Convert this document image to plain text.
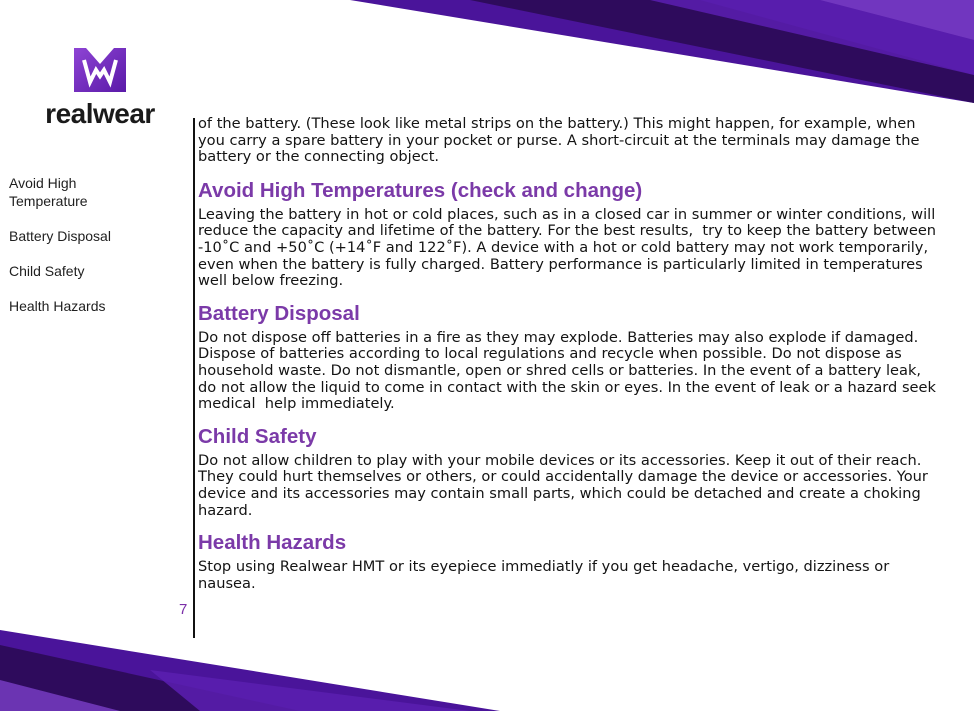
realwear
Avoid High Temperature
Battery Disposal
Child Safety
Health Hazards
7

of the battery. (These look like metal strips on the battery.) This might happen, for example, when you carry a spare battery in your pocket or purse. A short-circuit at the terminals may damage the battery or the connecting object.

Avoid High Temperatures (check and change)

Leaving the battery in hot or cold places, such as in a closed car in summer or winter conditions, will reduce the capacity and lifetime of the battery. For the best results,  try to keep the battery between -10˚C and +50˚C (+14˚F and 122˚F). A device with a hot or cold battery may not work temporarily, even when the battery is fully charged. Battery performance is particularly limited in temperatures well below freezing.

Battery Disposal

Do not dispose off batteries in a fire as they may explode. Batteries may also explode if damaged. Dispose of batteries according to local regulations and recycle when possible. Do not dispose as household waste. Do not dismantle, open or shred cells or batteries. In the event of a battery leak, do not allow the liquid to come in contact with the skin or eyes. In the event of leak or a hazard seek medical  help immediately.

Child Safety

Do not allow children to play with your mobile devices or its accessories. Keep it out of their reach. They could hurt themselves or others, or could accidentally damage the device or accessories. Your device and its accessories may contain small parts, which could be detached and create a choking hazard.

Health Hazards

Stop using Realwear HMT or its eyepiece immediatly if you get headache, vertigo, dizziness or nausea.
